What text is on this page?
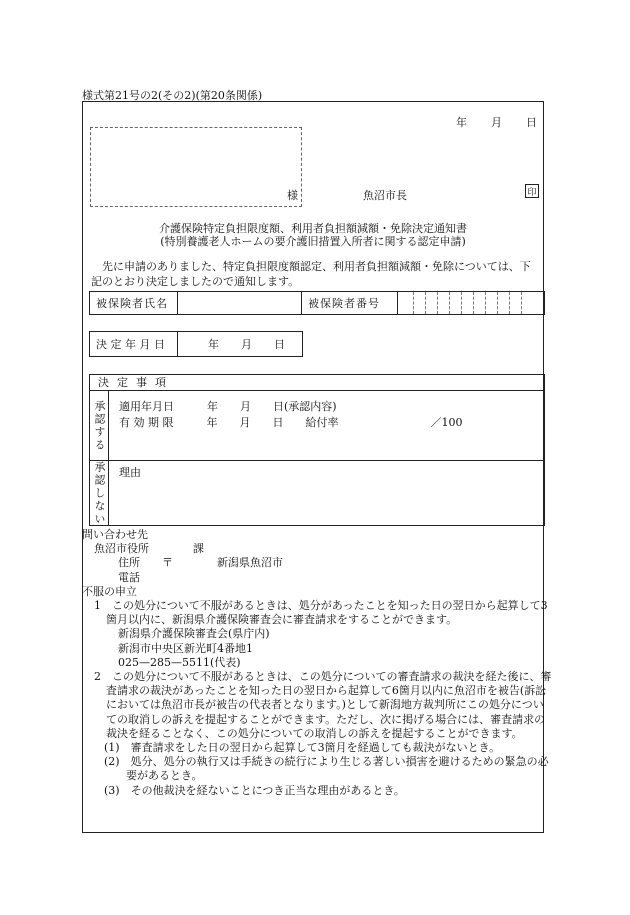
様式第21号の2(その2)(第20条関係)
年 月 日
様	魚沼市長	印
介護保険特定負担限度額、利用者負担額減額・免除決定通知書
(特別養護老人ホームの要介護旧措置入所者に関する認定申請)
先に申請のありました、特定負担限度額認定、利用者負担額減額・免除については、下記のとおり決定しましたので通知します。
被保険者氏名	被保険者番号
決 定 年 月 日	年　　月　　日
決定事項
承認する 適用年月日　　　年　　月　　日(承認内容)
有 効 期 限　　　年　　月　　日　　給付率	／100
承認しない 理由
問い合わせ先
魚沼市役所　　　　課
住所　　〒　　　　新潟県魚沼市
電話
不服の申立
1　この処分について不服があるときは、処分があったことを知った日の翌日から起算して3箇月以内に、新潟県介護保険審査会に審査請求をすることができます。
新潟県介護保険審査会(県庁内)
新潟市中央区新光町4番地1
025—285—5511(代表)
2　この処分について不服があるときは、この処分についての審査請求の裁決を経た後に、審査請求の裁決があったことを知った日の翌日から起算して6箇月以内に魚沼市を被告(訴訟においては魚沼市長が被告の代表者となります。)として新潟地方裁判所にこの処分についての取消しの訴えを提起することができます。ただし、次に掲げる場合には、審査請求の裁決を経ることなく、この処分についての取消しの訴えを提起することができます。
(1)　審査請求をした日の翌日から起算して3箇月を経過しても裁決がないとき。
(2)　処分、処分の執行又は手続きの続行により生じる著しい損害を避けるための緊急の必要があるとき。
(3)　その他裁決を経ないことにつき正当な理由があるとき。
